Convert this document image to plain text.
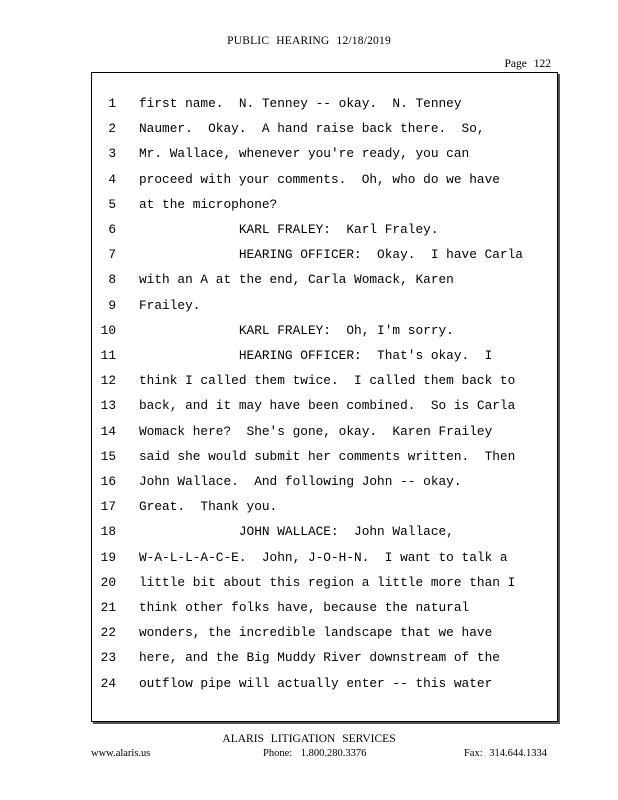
PUBLIC HEARING 12/18/2019
Page 122
1 first name.  N. Tenney -- okay.  N. Tenney
2 Naumer.  Okay.  A hand raise back there.  So,
3 Mr. Wallace, whenever you're ready, you can
4 proceed with your comments.  Oh, who do we have
5 at the microphone?
6 KARL FRALEY:  Karl Fraley.
7 HEARING OFFICER:  Okay.  I have Carla
8 with an A at the end, Carla Womack, Karen
9 Frailey.
10 KARL FRALEY:  Oh, I'm sorry.
11 HEARING OFFICER:  That's okay.  I
12 think I called them twice.  I called them back to
13 back, and it may have been combined.  So is Carla
14 Womack here?  She's gone, okay.  Karen Frailey
15 said she would submit her comments written.  Then
16 John Wallace.  And following John -- okay.
17 Great.  Thank you.
18 JOHN WALLACE:  John Wallace,
19 W-A-L-L-A-C-E.  John, J-O-H-N.  I want to talk a
20 little bit about this region a little more than I
21 think other folks have, because the natural
22 wonders, the incredible landscape that we have
23 here, and the Big Muddy River downstream of the
24 outflow pipe will actually enter -- this water
ALARIS LITIGATION SERVICES
www.alaris.us	Phone: 1.800.280.3376	Fax: 314.644.1334
